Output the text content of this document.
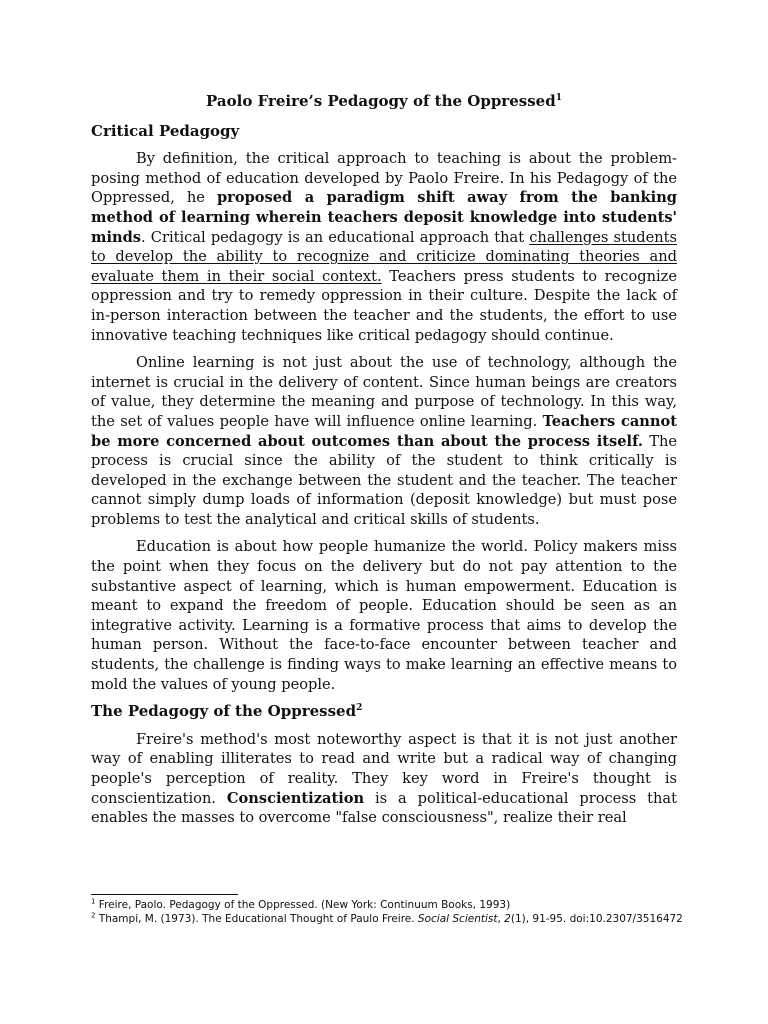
Paolo Freire’s Pedagogy of the Oppressed$^1$
Critical Pedagogy

By definition, the critical approach to teaching is about the problem-posing method of education developed by Paolo Freire. In his Pedagogy of the Oppressed, he proposed a paradigm shift away from the banking method of learning wherein teachers deposit knowledge into students' minds. Critical pedagogy is an educational approach that challenges students to develop the ability to recognize and criticize dominating theories and evaluate them in their social context. Teachers press students to recognize oppression and try to remedy oppression in their culture. Despite the lack of in-person interaction between the teacher and the students, the effort to use innovative teaching techniques like critical pedagogy should continue.

Online learning is not just about the use of technology, although the internet is crucial in the delivery of content. Since human beings are creators of value, they determine the meaning and purpose of technology. In this way, the set of values people have will influence online learning. Teachers cannot be more concerned about outcomes than about the process itself. The process is crucial since the ability of the student to think critically is developed in the exchange between the student and the teacher. The teacher cannot simply dump loads of information (deposit knowledge) but must pose problems to test the analytical and critical skills of students.

Education is about how people humanize the world. Policy makers miss the point when they focus on the delivery but do not pay attention to the substantive aspect of learning, which is human empowerment. Education is meant to expand the freedom of people. Education should be seen as an integrative activity. Learning is a formative process that aims to develop the human person. Without the face-to-face encounter between teacher and students, the challenge is finding ways to make learning an effective means to mold the values of young people.

The Pedagogy of the Oppressed$^2$

Freire's method's most noteworthy aspect is that it is not just another way of enabling illiterates to read and write but a radical way of changing people's perception of reality. They key word in Freire's thought is conscientization. Conscientization is a political-educational process that enables the masses to overcome "false consciousness", realize their real

$^1$ Freire, Paolo. Pedagogy of the Oppressed. (New York: Continuum Books, 1993)

$^2$ Thampi, M. (1973). The Educational Thought of Paulo Freire. Social Scientist, 2(1), 91-95. doi:10.2307/3516472
